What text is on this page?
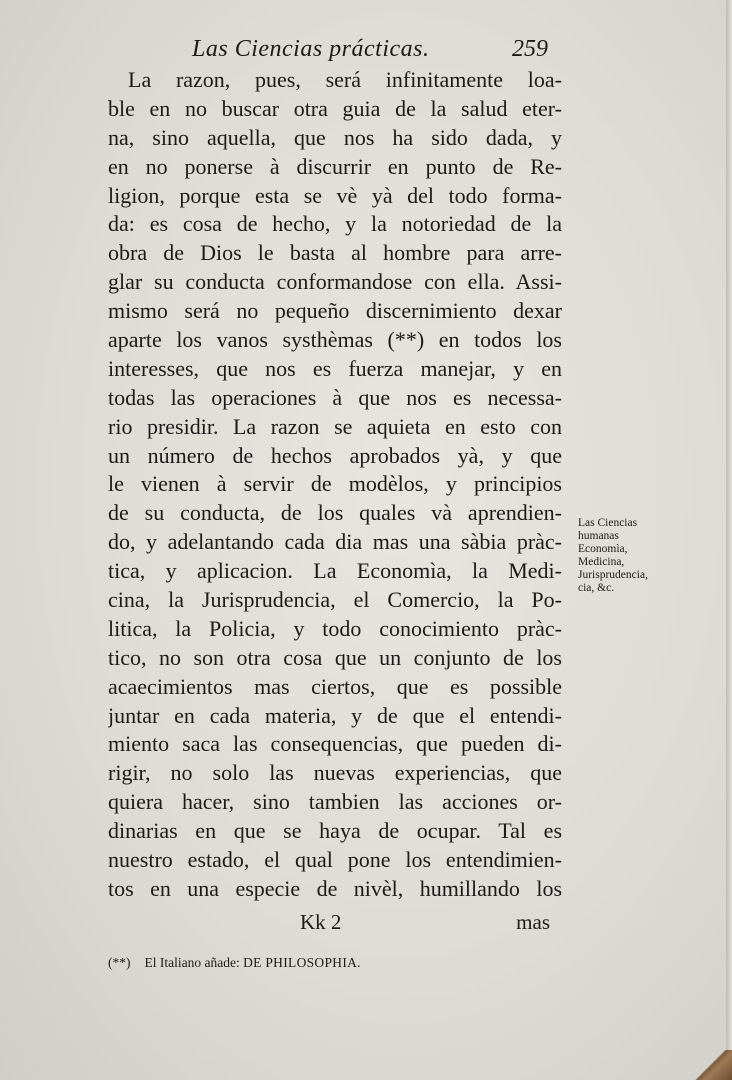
Las Ciencias prácticas.	259
La razon, pues, será infinitamente loa-
ble en no buscar otra guia de la salud eter-
na, sino aquella, que nos ha sido dada, y
en no ponerse à discurrir en punto de Re-
ligion, porque esta se vè yà del todo forma-
da: es cosa de hecho, y la notoriedad de la
obra de Dios le basta al hombre para arre-
glar su conducta conformandose con ella. Assi-
mismo será no pequeño discernimiento dexar
aparte los vanos systhèmas (**) en todos los
interesses, que nos es fuerza manejar, y en
todas las operaciones à que nos es necessa-
rio presidir. La razon se aquieta en esto con
un número de hechos aprobados yà, y que
le vienen à servir de modèlos, y principios
de su conducta, de los quales và aprendien-
do, y adelantando cada dia mas una sàbia pràc-
tica, y aplicacion. La Economìa, la Medi-
cina, la Jurisprudencia, el Comercio, la Po-
litica, la Policia, y todo conocimiento pràc-
tico, no son otra cosa que un conjunto de los
acaecimientos mas ciertos, que es possible
juntar en cada materia, y de que el entendi-
miento saca las consequencias, que pueden di-
rigir, no solo las nuevas experiencias, que
quiera hacer, sino tambien las acciones or-
dinarias en que se haya de ocupar. Tal es
nuestro estado, el qual pone los entendimien-
tos en una especie de nivèl, humillando los
Las Ciencias
humanas
Economìa,
Medicina,
Jurisprudencia,
cia, &c.
Kk 2	mas
(**) El Italiano añade: DE PHILOSOPHIA.
